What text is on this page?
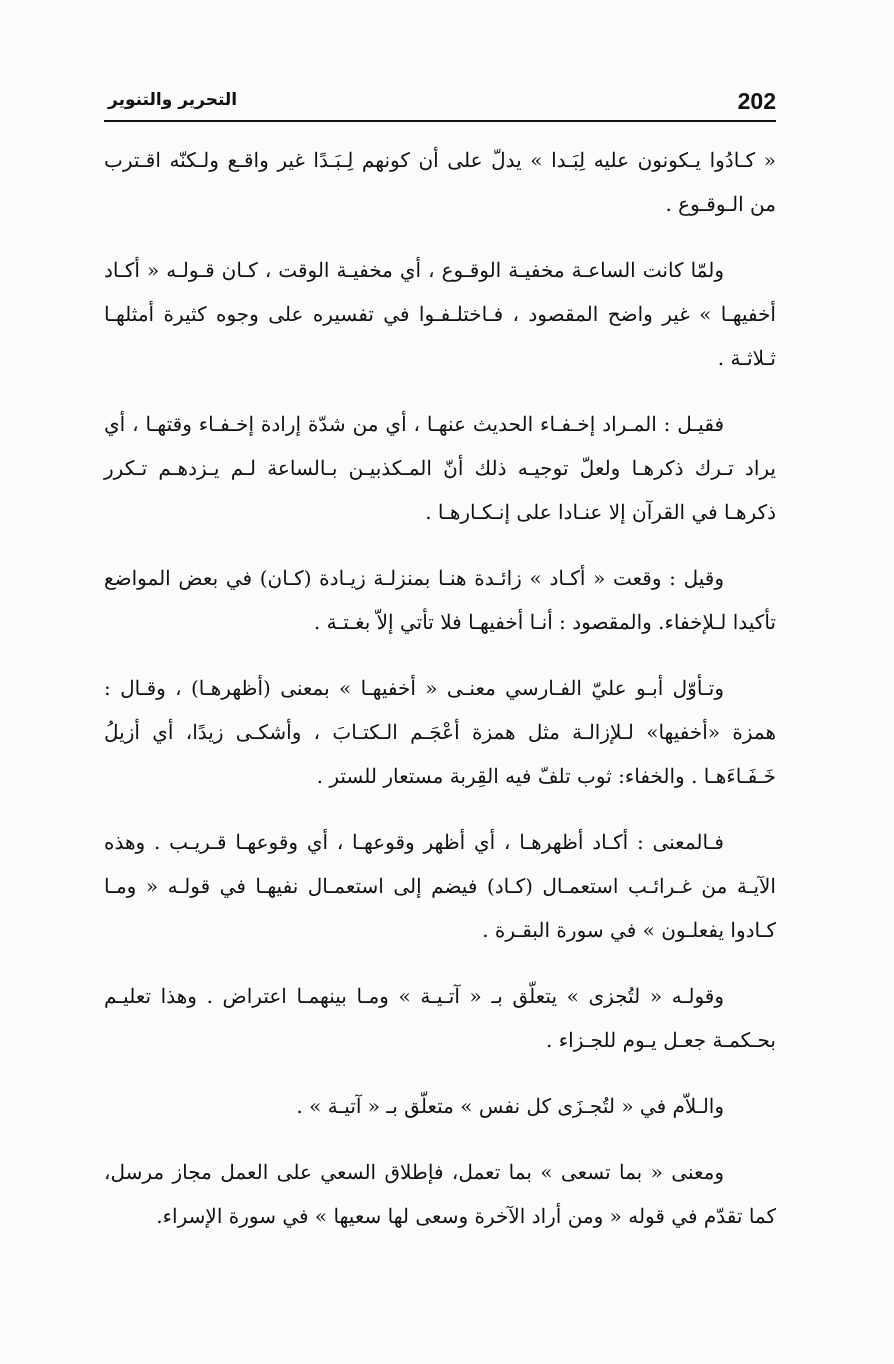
202
التحرير والتنوير

« كـادُوا يـكونون عليه لِبَـدا » يدلّ على أن كونهم لِـبَـدًا غير واقـع ولـكنّه اقـترب من الـوقـوع .

ولمّا كانت الساعـة مخفيـة الوقـوع ، أي مخفيـة الوقت ، كـان قـولـه « أكـاد أخفيهـا » غير واضح المقصود ، فـاختلـفـوا في تفسيره على وجوه كثيرة أمثلهـا ثـلاثـة .

فقيـل : المـراد إخـفـاء الحديث عنهـا ، أي من شدّة إرادة إخـفـاء وقتهـا ، أي يراد تـرك ذكرهـا ولعلّ توجيـه ذلك أنّ المـكذبيـن بـالساعة لـم يـزدهـم تـكرر ذكرهـا في القرآن إلا عنـادا على إنـكـارهـا .

وقيل : وقعت « أكـاد » زائـدة هنـا بمنزلـة زيـادة (كـان) في بعض المواضع تأكيدا لـلإخفاء. والمقصود : أنـا أخفيهـا فلا تأتي إلاّ بغـتـة .

وتـأوّل أبـو عليّ الفـارسي معنـى « أخفيهـا » بمعنى (أظهرهـا) ، وقـال : همزة «أخفيها» لـلإزالـة مثل همزة أعْجَـم الـكتـابَ ، وأشكـى زيدًا، أي أزيلُ خَـفَـاءَهـا . والخفاء: ثوب تلفّ فيه القِربة مستعار للستر .

فـالمعنى : أكـاد أظهرهـا ، أي أظهر وقوعهـا ، أي وقوعهـا قـريـب . وهذه الآيـة من غـرائـب استعمـال (كـاد) فيضم إلى استعمـال نفيهـا في قولـه « ومـا كـادوا يفعلـون » في سورة البقـرة .

وقولـه « لتُجزى » يتعلّق بـ « آتـيـة » ومـا بينهمـا اعتراض . وهذا تعليـم بحـكمـة جعـل يـوم للجـزاء .

والـلاّم في « لتُجـزَى كل نفس » متعلّق بـ « آتيـة » .

ومعنى « بما تسعى » بما تعمل، فإطلاق السعي على العمل مجاز مرسل، كما تقدّم في قوله « ومن أراد الآخرة وسعى لها سعيها » في سورة الإسراء.
